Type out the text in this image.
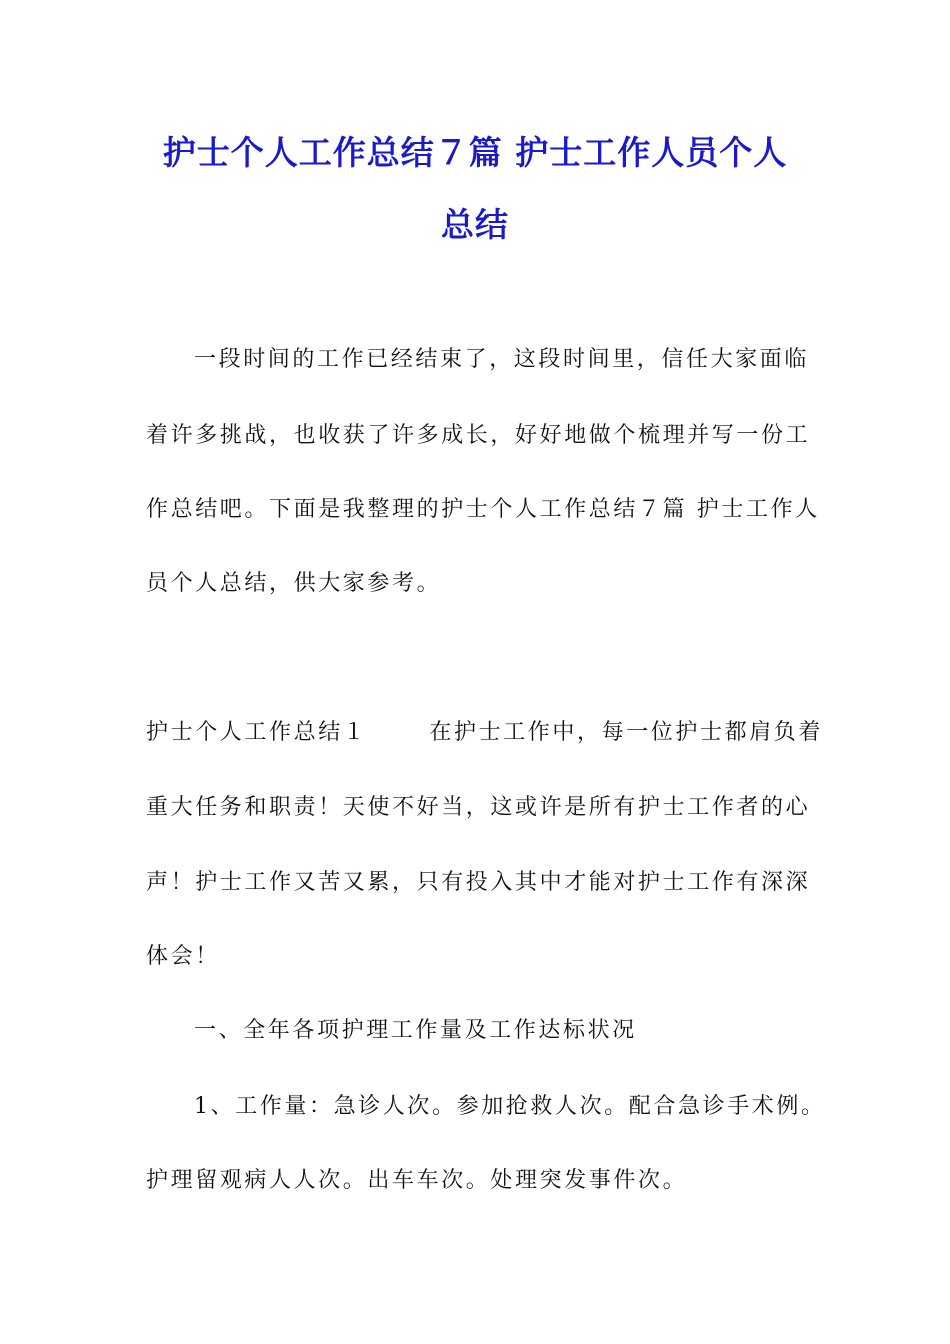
护士个人工作总结７篇 护士工作人员个人
总结
一段时间的工作已经结束了，这段时间里，信任大家面临
着许多挑战，也收获了许多成长，好好地做个梳理并写一份工
作总结吧。下面是我整理的护士个人工作总结７篇 护士工作人
员个人总结，供大家参考。
护士个人工作总结１	在护士工作中，每一位护士都肩负着
重大任务和职责！天使不好当，这或许是所有护士工作者的心
声！护士工作又苦又累，只有投入其中才能对护士工作有深深
体会！
一、全年各项护理工作量及工作达标状况
1、工作量：急诊人次。参加抢救人次。配合急诊手术例。
护理留观病人人次。出车车次。处理突发事件次。
